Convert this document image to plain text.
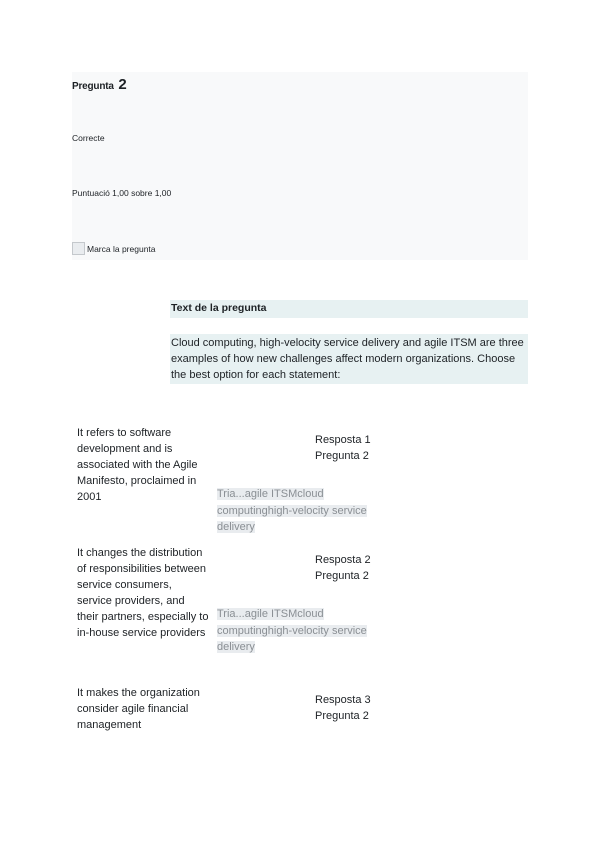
Pregunta 2
Correcte
Puntuació 1,00 sobre 1,00
Marca la pregunta
Text de la pregunta
Cloud computing, high-velocity service delivery and agile ITSM are three examples of how new challenges affect modern organizations. Choose the best option for each statement:
It refers to software development and is associated with the Agile Manifesto, proclaimed in 2001
Resposta 1
Pregunta 2
Tria...agile ITSMcloud computinghigh-velocity service delivery
It changes the distribution of responsibilities between service consumers, service providers, and their partners, especially to in-house service providers
Resposta 2
Pregunta 2
Tria...agile ITSMcloud computinghigh-velocity service delivery
It makes the organization consider agile financial management
Resposta 3
Pregunta 2
